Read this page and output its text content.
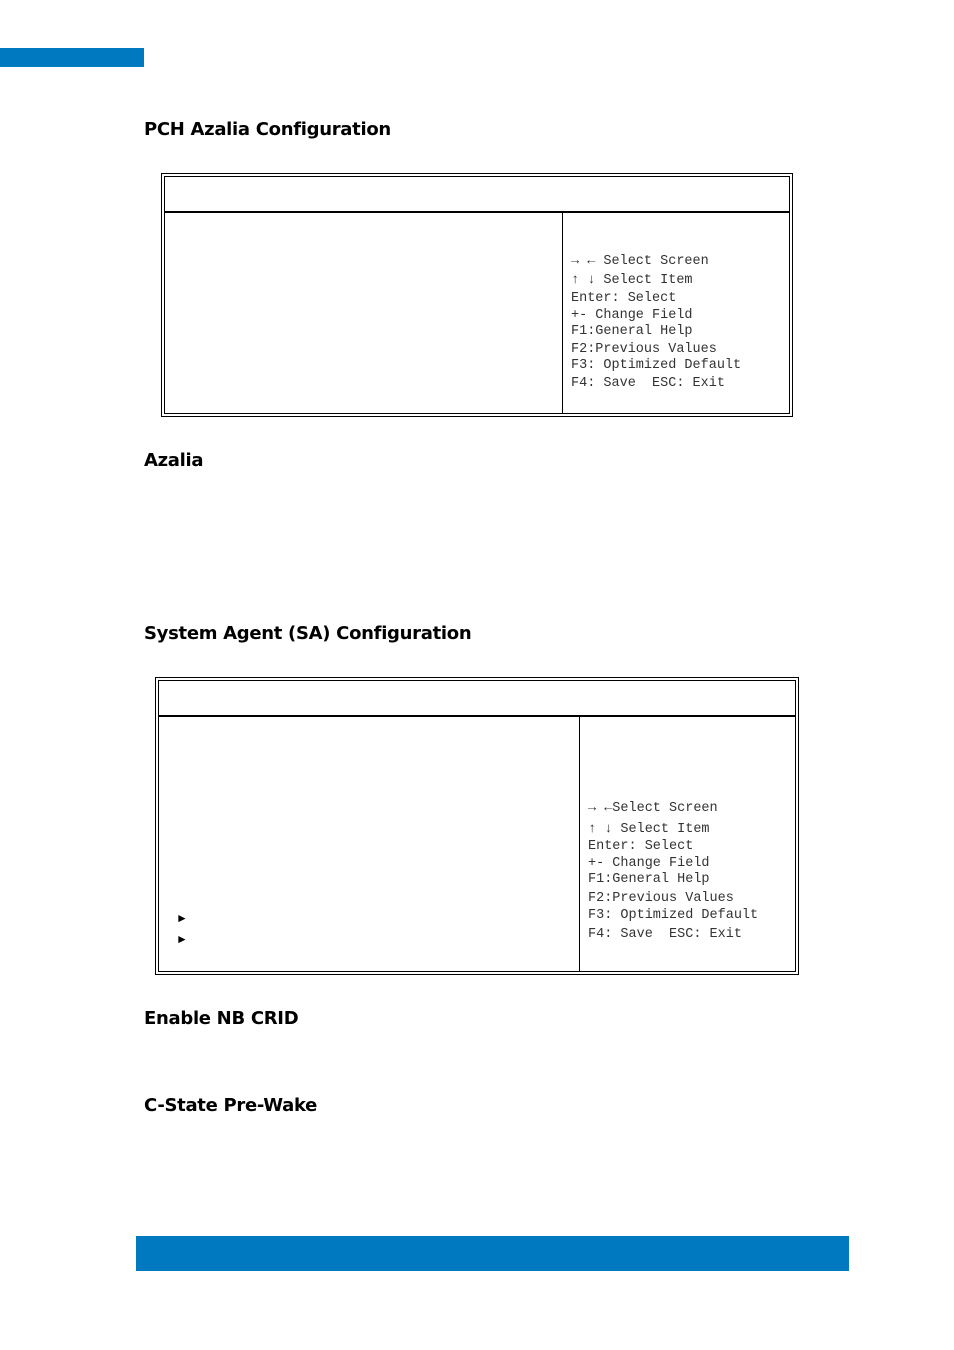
PCH Azalia Configuration
→ ← Select Screen
↑ ↓ Select Item
Enter: Select
+- Change Field
F1:General Help
F2:Previous Values
F3: Optimized Default
F4: Save  ESC: Exit
Azalia
System Agent (SA) Configuration
►
►
→ ←Select Screen
↑ ↓ Select Item
Enter: Select
+- Change Field
F1:General Help
F2:Previous Values
F3: Optimized Default
F4: Save  ESC: Exit
Enable NB CRID
C-State Pre-Wake
